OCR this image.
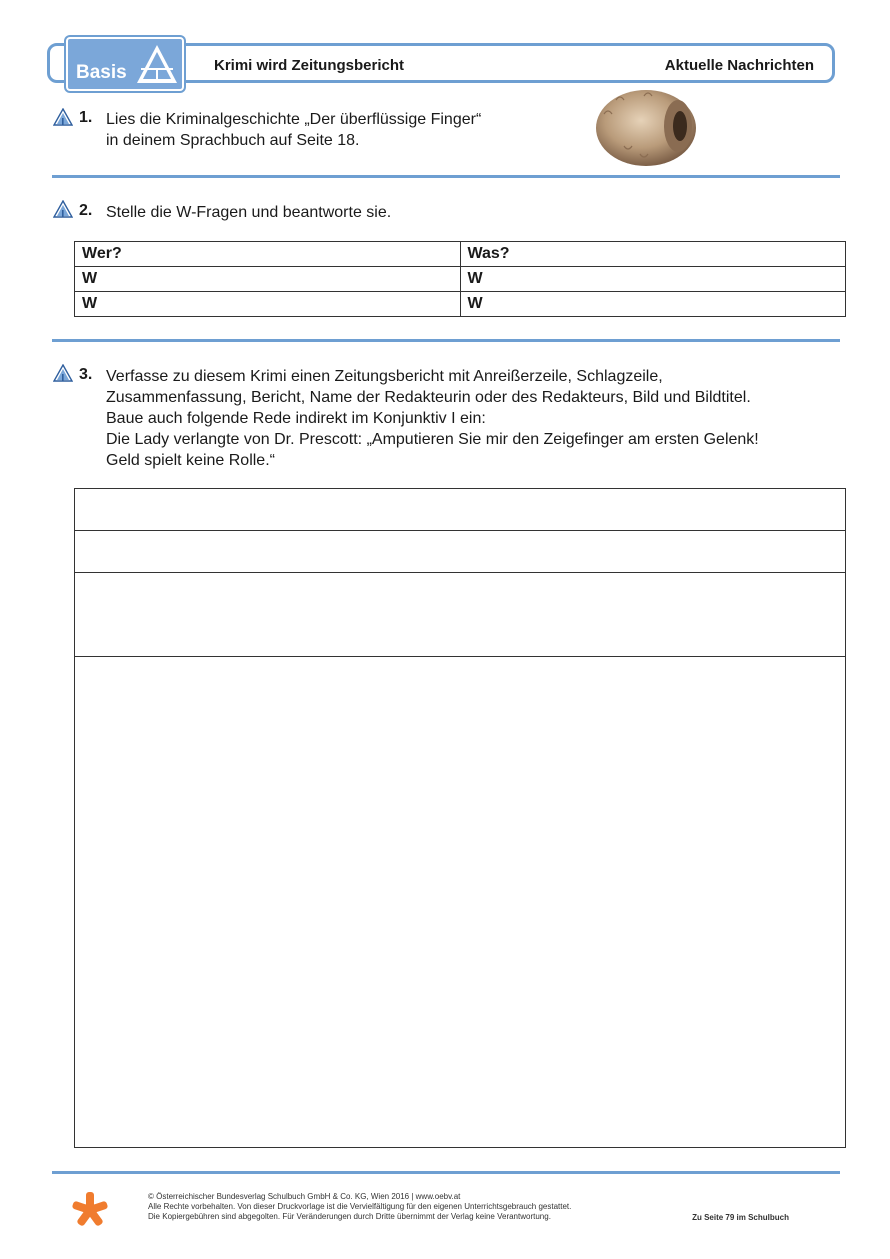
Basis	Krimi wird Zeitungsbericht	Aktuelle Nachrichten
1. Lies die Kriminalgeschichte „Der überflüssige Finger“
in deinem Sprachbuch auf Seite 18.
2. Stelle die W-Fragen und beantworte sie.
Wer?	Was?
W	W
W	W
3. Verfasse zu diesem Krimi einen Zeitungsbericht mit Anreißerzeile, Schlagzeile,
Zusammenfassung, Bericht, Name der Redakteurin oder des Redakteurs, Bild und Bildtitel.
Baue auch folgende Rede indirekt im Konjunktiv I ein:
Die Lady verlangte von Dr. Prescott: „Amputieren Sie mir den Zeigefinger am ersten Gelenk!
Geld spielt keine Rolle.“
© Österreichischer Bundesverlag Schulbuch GmbH & Co. KG, Wien 2016 | www.oebv.at
Alle Rechte vorbehalten. Von dieser Druckvorlage ist die Vervielfältigung für den eigenen Unterrichtsgebrauch gestattet.
Die Kopiergebühren sind abgegolten. Für Veränderungen durch Dritte übernimmt der Verlag keine Verantwortung.	Zu Seite 79 im Schulbuch
